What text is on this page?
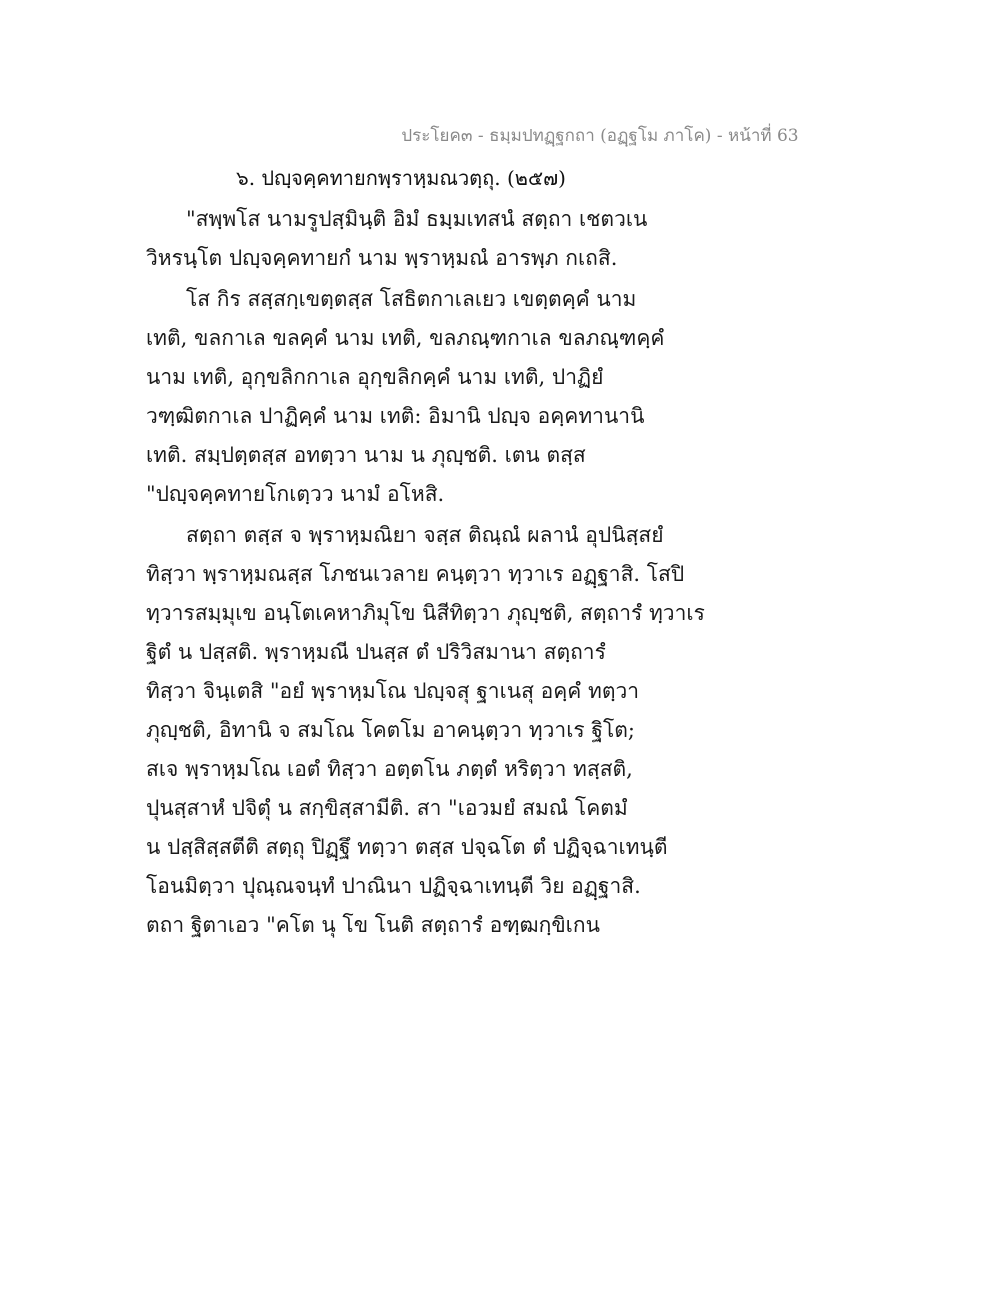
ประโยค๓ - ธมฺมปทฏฺฐกถา (อฏฺฐโม ภาโค) - หน้าที่ 63
๖. ปญฺจคฺคทายกพฺราหฺมณวตฺถุ. (๒๕๗)
"สพฺพโส นามรูปสฺมินฺติ อิมํ ธมฺมเทสนํ สตฺถา เชตวเน
วิหรนฺโต ปญฺจคฺคทายกํ นาม พฺราหฺมณํ อารพฺภ กเถสิ.
โส กิร สสฺสกฺเขตฺตสฺส โสธิตกาเลเยว เขตฺตคฺคํ นาม
เทติ, ขลกาเล ขลคฺคํ นาม เทติ, ขลภณฺฑกาเล ขลภณฺฑคฺคํ
นาม เทติ, อุกฺขลิกกาเล อุกฺขลิกคฺคํ นาม เทติ, ปาฏิยํ
วฑฺฒิตกาเล ปาฏิคฺคํ นาม เทติ: อิมานิ ปญฺจ อคฺคทานานิ
เทติ. สมฺปตฺตสฺส อทตฺวา นาม น ภุญฺชติ. เตน ตสฺส
"ปญฺจคฺคทายโกเตฺวว นามํ อโหสิ.
สตฺถา ตสฺส จ พฺราหฺมณิยา จสฺส ติณฺณํ ผลานํ อุปนิสฺสยํ
ทิสฺวา พฺราหฺมณสฺส โภชนเวลาย คนฺตฺวา ทฺวาเร อฏฺฐาสิ. โสปิ
ทฺวารสมฺมุเข อนฺโตเคหาภิมุโข นิสีทิตฺวา ภุญฺชติ, สตฺถารํ ทฺวาเร
ฐิตํ น ปสฺสติ. พฺราหฺมณี ปนสฺส ตํ ปริวิสมานา สตฺถารํ
ทิสฺวา จินฺเตสิ "อยํ พฺราหฺมโณ ปญฺจสุ ฐาเนสุ อคฺคํ ทตฺวา
ภุญฺชติ, อิทานิ จ สมโณ โคตโม อาคนฺตฺวา ทฺวาเร ฐิโต;
สเจ พฺราหฺมโณ เอตํ ทิสฺวา อตฺตโน ภตฺตํ หริตฺวา ทสฺสติ,
ปุนสฺสาหํ ปจิตุํ น สกฺขิสฺสามีติ. สา "เอวมยํ สมณํ โคตมํ
น ปสฺสิสฺสตีติ สตฺถุ ปิฏฺฐึ ทตฺวา ตสฺส ปจฺฉโต ตํ ปฏิจฺฉาเทนฺตี
โอนมิตฺวา ปุณฺณจนฺทํ ปาณินา ปฏิจฺฉาเทนฺตี วิย อฏฺฐาสิ.
ตถา ฐิตาเอว "คโต นุ โข โนติ สตฺถารํ อฑฺฒกฺขิเกน
